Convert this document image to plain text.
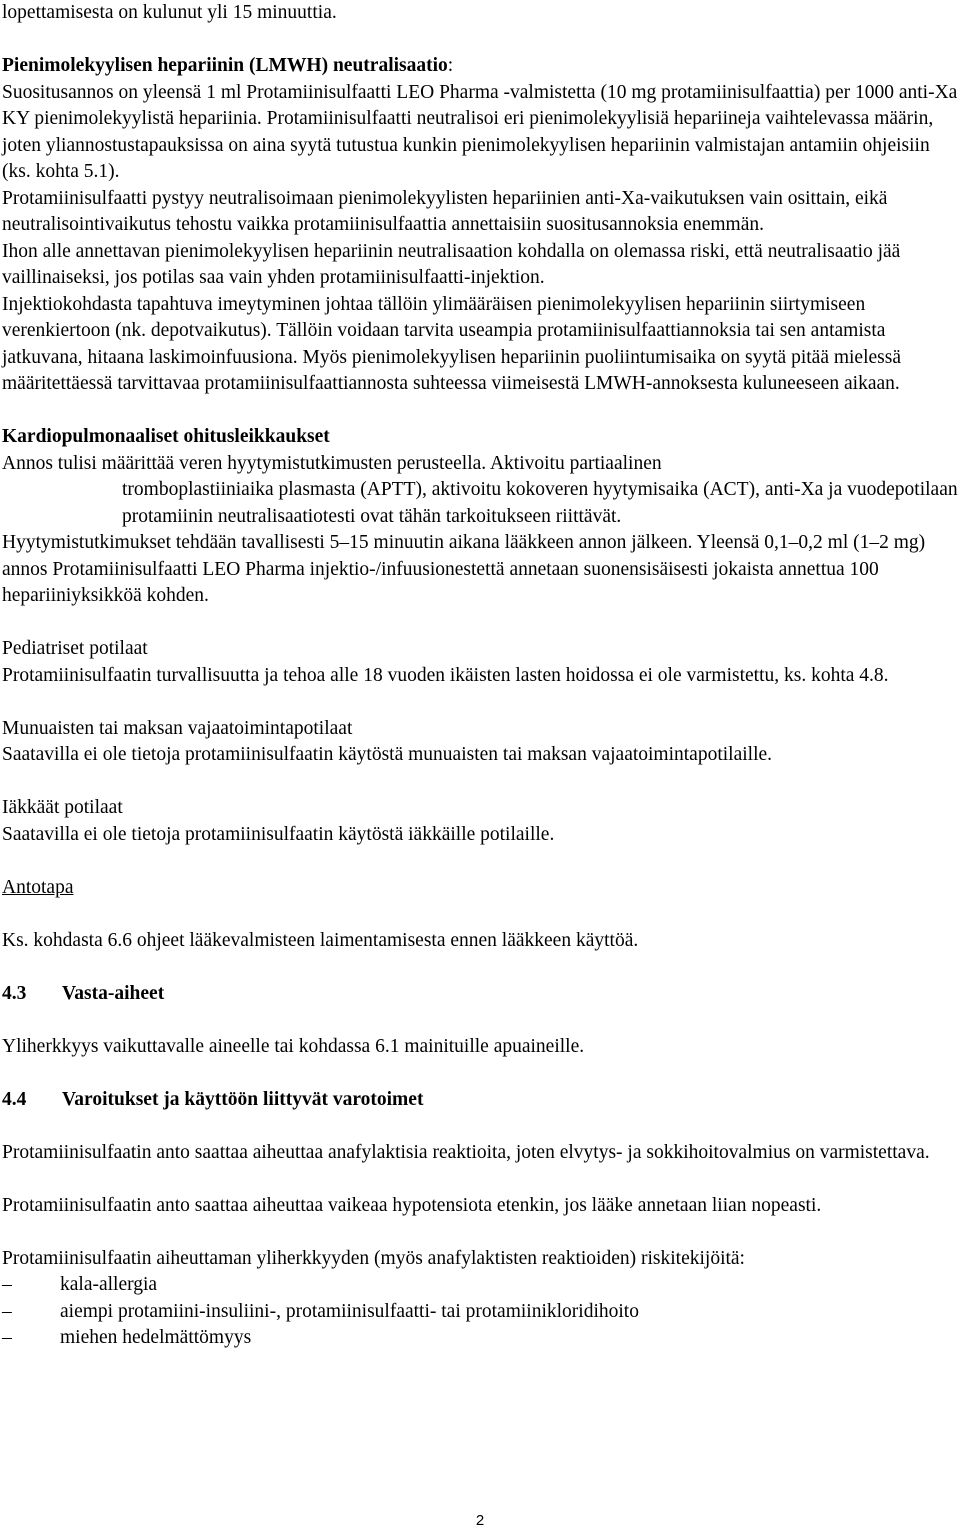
lopettamisesta on kulunut yli 15 minuuttia.

Pienimolekyylisen hepariinin (LMWH) neutralisaatio:

Suositusannos on yleensä 1 ml Protamiinisulfaatti LEO Pharma -valmistetta (10 mg protamiinisulfaattia) per 1000 anti-Xa KY pienimolekyylistä hepariinia. Protamiinisulfaatti neutralisoi eri pienimolekyylisiä hepariineja vaihtelevassa määrin, joten yliannostustapauksissa on aina syytä tutustua kunkin pienimolekyylisen hepariinin valmistajan antamiin ohjeisiin (ks. kohta 5.1).

Protamiinisulfaatti pystyy neutralisoimaan pienimolekyylisten hepariinien anti-Xa-vaikutuksen vain osittain, eikä neutralisointivaikutus tehostu vaikka protamiinisulfaattia annettaisiin suositusannoksia enemmän.

Ihon alle annettavan pienimolekyylisen hepariinin neutralisaation kohdalla on olemassa riski, että neutralisaatio jää vaillinaiseksi, jos potilas saa vain yhden protamiinisulfaatti-injektion.

Injektiokohdasta tapahtuva imeytyminen johtaa tällöin ylimääräisen pienimolekyylisen hepariinin siirtymiseen verenkiertoon (nk. depotvaikutus). Tällöin voidaan tarvita useampia protamiinisulfaattiannoksia tai sen antamista jatkuvana, hitaana laskimoinfuusiona. Myös pienimolekyylisen hepariinin puoliintumisaika on syytä pitää mielessä määritettäessä tarvittavaa protamiinisulfaattiannosta suhteessa viimeisestä LMWH-annoksesta kuluneeseen aikaan.

Kardiopulmonaaliset ohitusleikkaukset

Annos tulisi määrittää veren hyytymistutkimusten perusteella. Aktivoitu partiaalinen

tromboplastiiniaika plasmasta (APTT), aktivoitu kokoveren hyytymisaika (ACT), anti-Xa ja vuodepotilaan protamiinin neutralisaatiotesti ovat tähän tarkoitukseen riittävät.

Hyytymistutkimukset tehdään tavallisesti 5–15 minuutin aikana lääkkeen annon jälkeen. Yleensä 0,1–0,2 ml (1–2 mg) annos Protamiinisulfaatti LEO Pharma injektio-/infuusionestettä annetaan suonensisäisesti jokaista annettua 100 hepariiniyksikköä kohden.

Pediatriset potilaat

Protamiinisulfaatin turvallisuutta ja tehoa alle 18 vuoden ikäisten lasten hoidossa ei ole varmistettu, ks. kohta 4.8.

Munuaisten tai maksan vajaatoimintapotilaat

Saatavilla ei ole tietoja protamiinisulfaatin käytöstä munuaisten tai maksan vajaatoimintapotilaille.

Iäkkäät potilaat

Saatavilla ei ole tietoja protamiinisulfaatin käytöstä iäkkäille potilaille.

Antotapa

Ks. kohdasta 6.6 ohjeet lääkevalmisteen laimentamisesta ennen lääkkeen käyttöä.

4.3	Vasta-aiheet

Yliherkkyys vaikuttavalle aineelle tai kohdassa 6.1 mainituille apuaineille.

4.4	Varoitukset ja käyttöön liittyvät varotoimet

Protamiinisulfaatin anto saattaa aiheuttaa anafylaktisia reaktioita, joten elvytys- ja sokkihoitovalmius on varmistettava.

Protamiinisulfaatin anto saattaa aiheuttaa vaikeaa hypotensiota etenkin, jos lääke annetaan liian nopeasti.

Protamiinisulfaatin aiheuttaman yliherkkyyden (myös anafylaktisten reaktioiden) riskitekijöitä:

–	kala-allergia
–	aiempi protamiini-insuliini-, protamiinisulfaatti- tai protamiinikloridihoito
–	miehen hedelmättömyys
2
